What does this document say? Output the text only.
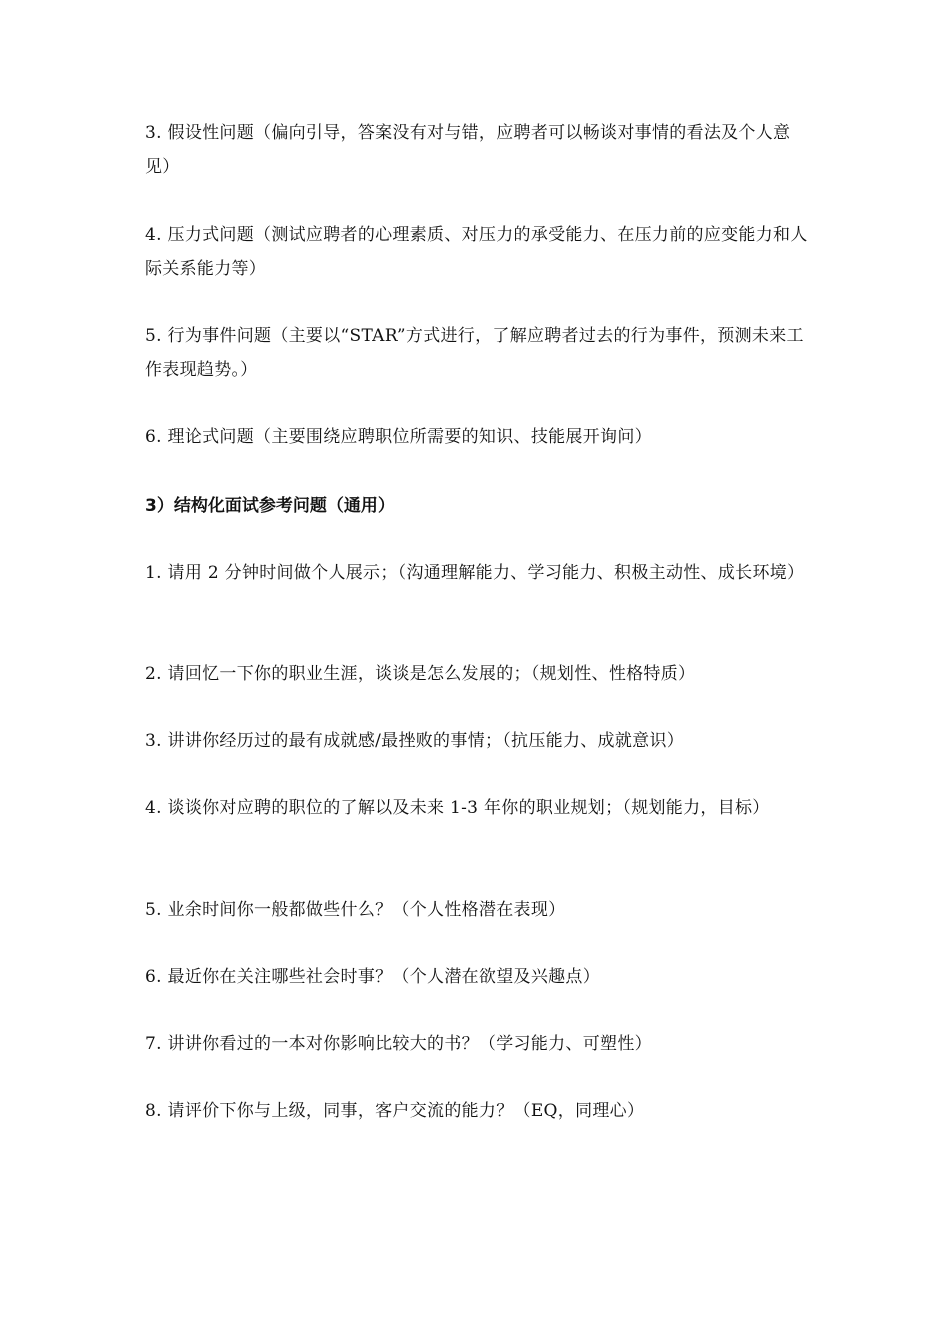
3. 假设性问题（偏向引导，答案没有对与错，应聘者可以畅谈对事情的看法及个人意见）

4. 压力式问题（测试应聘者的心理素质、对压力的承受能力、在压力前的应变能力和人际关系能力等）

5. 行为事件问题（主要以“STAR”方式进行，了解应聘者过去的行为事件，预测未来工作表现趋势。）

6. 理论式问题（主要围绕应聘职位所需要的知识、技能展开询问）

3）结构化面试参考问题（通用）

1. 请用 2 分钟时间做个人展示；（沟通理解能力、学习能力、积极主动性、成长环境）

2. 请回忆一下你的职业生涯，谈谈是怎么发展的；（规划性、性格特质）

3. 讲讲你经历过的最有成就感/最挫败的事情；（抗压能力、成就意识）

4. 谈谈你对应聘的职位的了解以及未来 1-3 年你的职业规划；（规划能力，目标）

5. 业余时间你一般都做些什么？（个人性格潜在表现）

6. 最近你在关注哪些社会时事？（个人潜在欲望及兴趣点）

7. 讲讲你看过的一本对你影响比较大的书？（学习能力、可塑性）

8. 请评价下你与上级，同事，客户交流的能力？（EQ，同理心）
